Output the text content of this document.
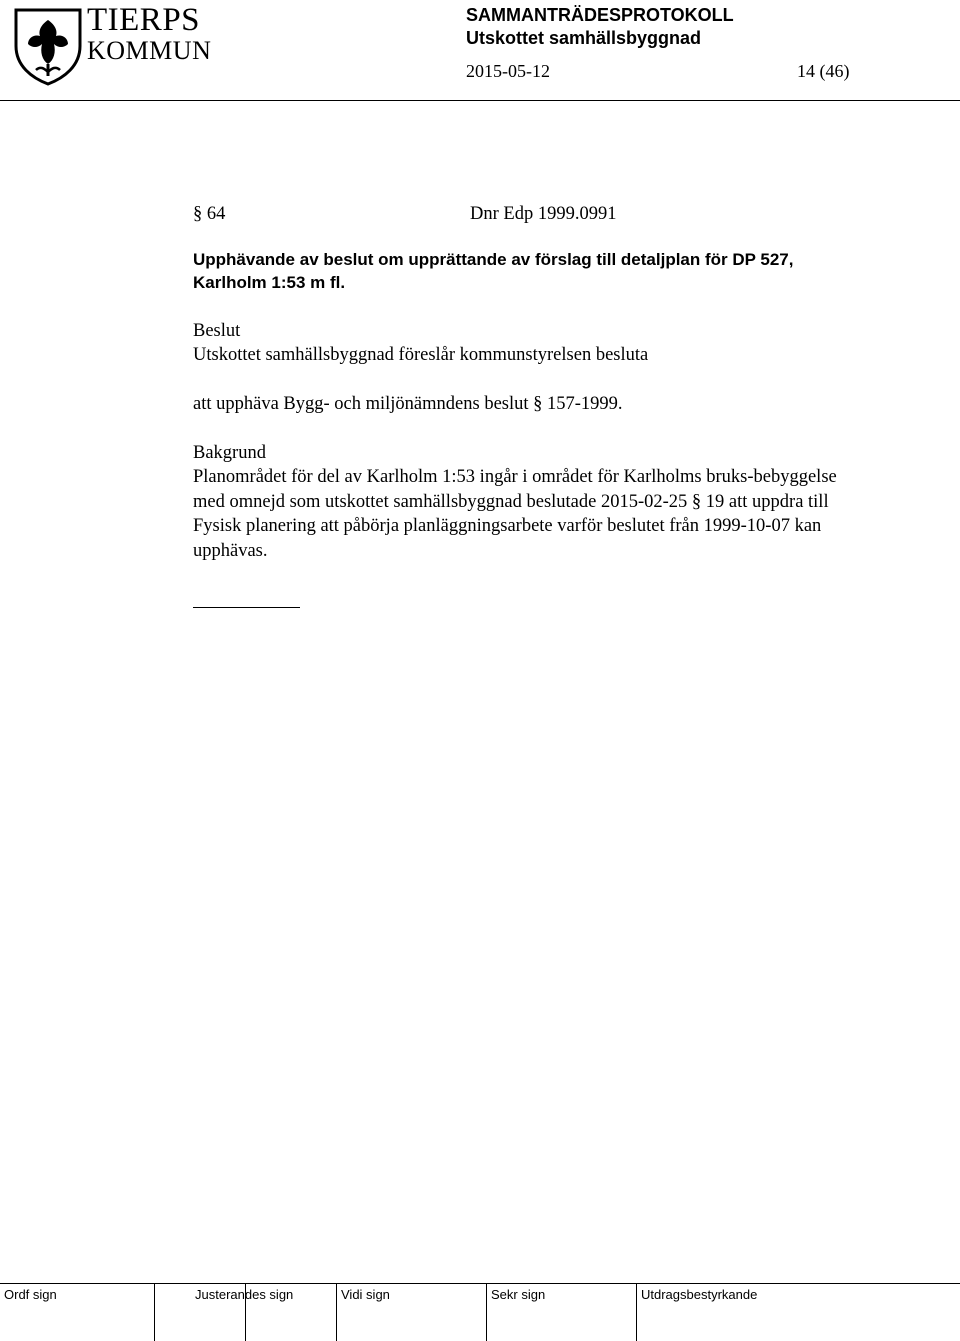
TIERPS
KOMMUN
SAMMANTRÄDESPROTOKOLL
Utskottet samhällsbyggnad
2015-05-12	14 (46)
§ 64	Dnr Edp 1999.0991
Upphävande av beslut om upprättande av förslag till detaljplan för DP 527, Karlholm 1:53 m fl.
Beslut
Utskottet samhällsbyggnad föreslår kommunstyrelsen besluta
att upphäva Bygg- och miljönämndens beslut § 157-1999.
Bakgrund
Planområdet för del av Karlholm 1:53 ingår i området för Karlholms bruks-bebyggelse med omnejd som utskottet samhällsbyggnad beslutade 2015-02-25 § 19 att uppdra till Fysisk planering att påbörja planläggningsarbete varför beslutet från 1999-10-07 kan upphävas.
Ordf sign	Justerandes sign	Vidi sign	Sekr sign	Utdragsbestyrkande
